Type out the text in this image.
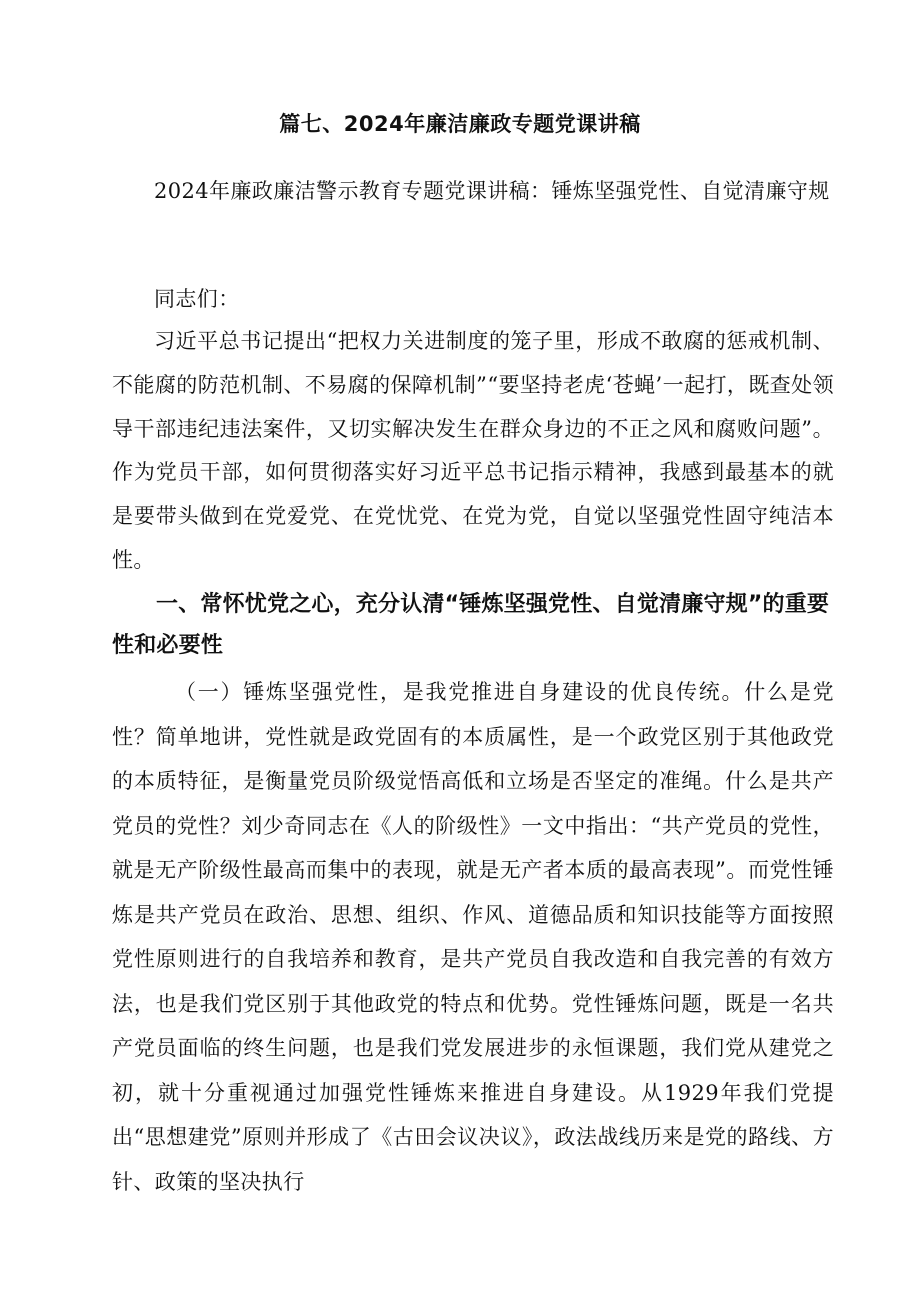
篇七、2024年廉洁廉政专题党课讲稿

2024年廉政廉洁警示教育专题党课讲稿：锤炼坚强党性、自觉清廉守规

同志们：

习近平总书记提出“把权力关进制度的笼子里，形成不敢腐的惩戒机制、不能腐的防范机制、不易腐的保障机制”“要坚持老虎‘苍蝇’一起打，既查处领导干部违纪违法案件，又切实解决发生在群众身边的不正之风和腐败问题”。作为党员干部，如何贯彻落实好习近平总书记指示精神，我感到最基本的就是要带头做到在党爱党、在党忧党、在党为党，自觉以坚强党性固守纯洁本性。

一、常怀忧党之心，充分认清“锤炼坚强党性、自觉清廉守规”的重要性和必要性

（一）锤炼坚强党性，是我党推进自身建设的优良传统。什么是党性？简单地讲，党性就是政党固有的本质属性，是一个政党区别于其他政党的本质特征，是衡量党员阶级觉悟高低和立场是否坚定的准绳。什么是共产党员的党性？刘少奇同志在《人的阶级性》一文中指出：“共产党员的党性，就是无产阶级性最高而集中的表现，就是无产者本质的最高表现”。而党性锤炼是共产党员在政治、思想、组织、作风、道德品质和知识技能等方面按照党性原则进行的自我培养和教育，是共产党员自我改造和自我完善的有效方法，也是我们党区别于其他政党的特点和优势。党性锤炼问题，既是一名共产党员面临的终生问题，也是我们党发展进步的永恒课题，我们党从建党之初，就十分重视通过加强党性锤炼来推进自身建设。从1929年我们党提出“思想建党”原则并形成了《古田会议决议》，政法战线历来是党的路线、方针、政策的坚决执行
